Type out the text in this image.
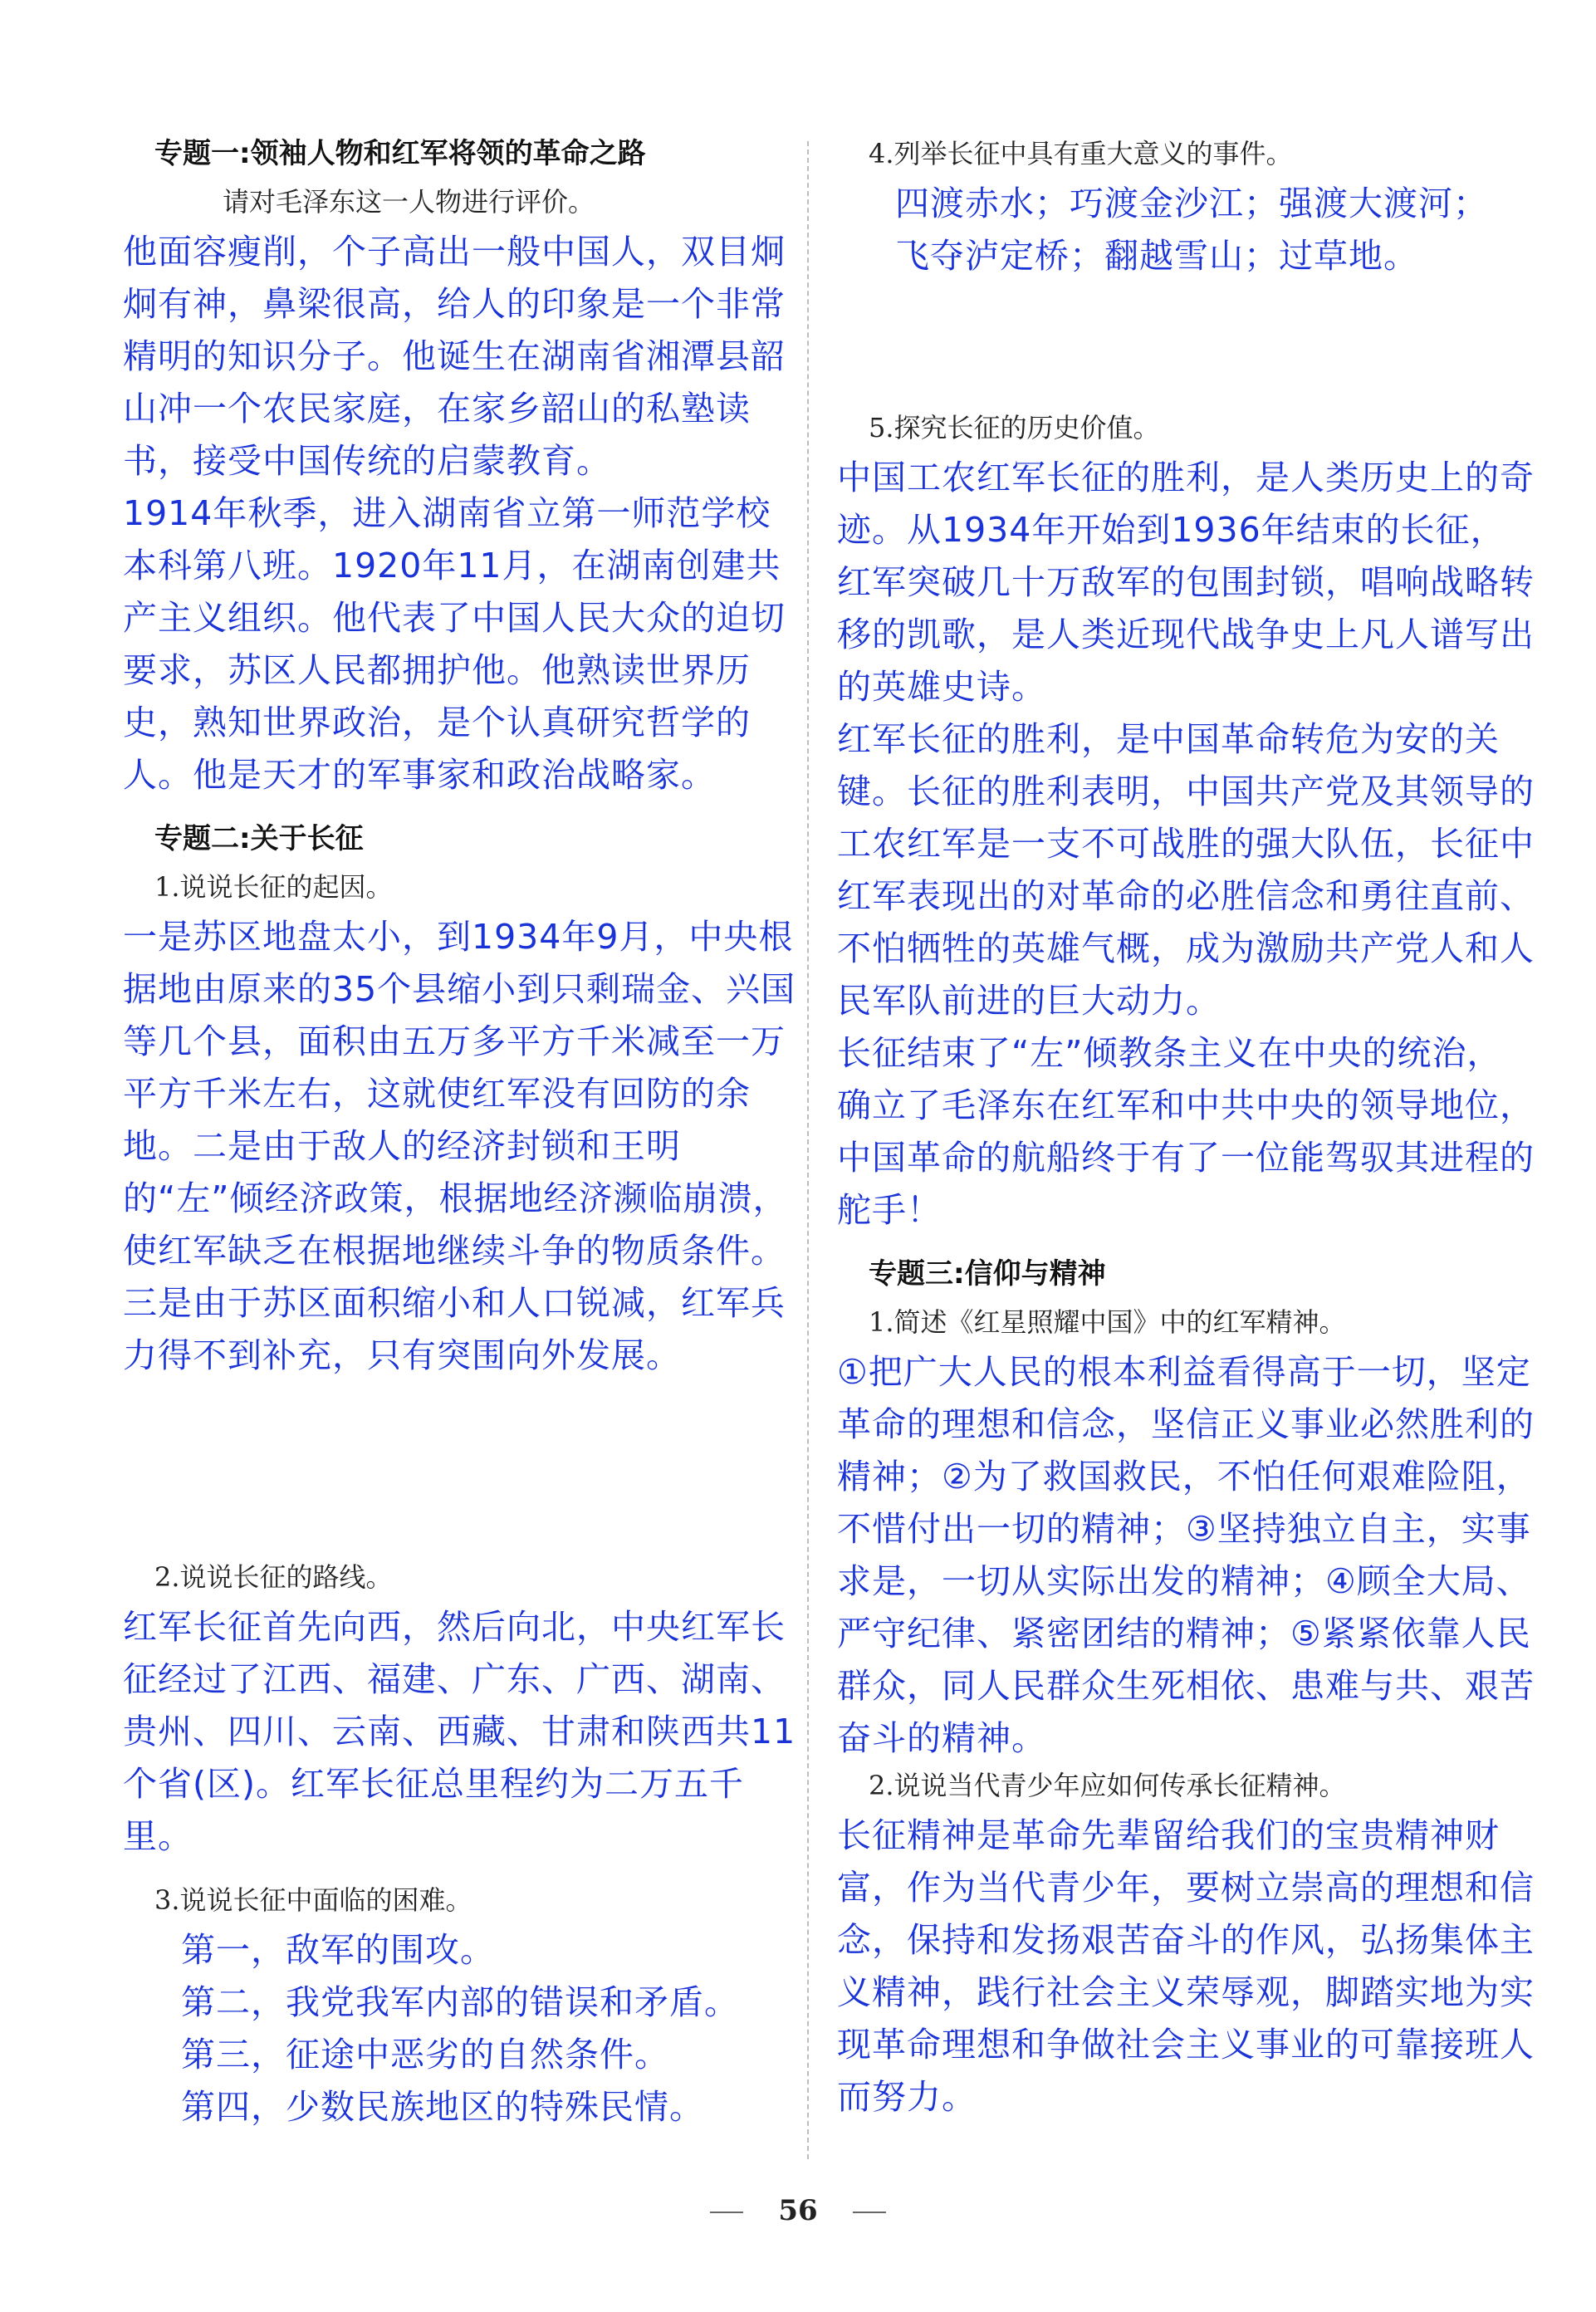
专题一:领袖人物和红军将领的革命之路
请对毛泽东这一人物进行评价。

他面容瘦削，个子高出一般中国人，双目炯炯有神，鼻梁很高，给人的印象是一个非常精明的知识分子。他诞生在湖南省湘潭县韶山冲一个农民家庭，在家乡韶山的私塾读书，接受中国传统的启蒙教育。

1914年秋季，进入湖南省立第一师范学校本科第八班。1920年11月，在湖南创建共产主义组织。他代表了中国人民大众的迫切要求，苏区人民都拥护他。他熟读世界历史，熟知世界政治，是个认真研究哲学的人。他是天才的军事家和政治战略家。

专题二:关于长征
1.说说长征的起因。

一是苏区地盘太小，到1934年9月，中央根据地由原来的35个县缩小到只剩瑞金、兴国等几个县，面积由五万多平方千米减至一万平方千米左右，这就使红军没有回防的余地。二是由于敌人的经济封锁和王明的“左”倾经济政策，根据地经济濒临崩溃，使红军缺乏在根据地继续斗争的物质条件。三是由于苏区面积缩小和人口锐减，红军兵力得不到补充，只有突围向外发展。

2.说说长征的路线。

红军长征首先向西，然后向北，中央红军长征经过了江西、福建、广东、广西、湖南、贵州、四川、云南、西藏、甘肃和陕西共11个省(区)。红军长征总里程约为二万五千里。

3.说说长征中面临的困难。

第一，敌军的围攻。

第二，我党我军内部的错误和矛盾。

第三，征途中恶劣的自然条件。

第四，少数民族地区的特殊民情。

4.列举长征中具有重大意义的事件。

四渡赤水；巧渡金沙江；强渡大渡河；

飞夺泸定桥；翻越雪山；过草地。

5.探究长征的历史价值。

中国工农红军长征的胜利，是人类历史上的奇迹。从1934年开始到1936年结束的长征，红军突破几十万敌军的包围封锁，唱响战略转移的凯歌，是人类近现代战争史上凡人谱写出的英雄史诗。

红军长征的胜利，是中国革命转危为安的关键。长征的胜利表明，中国共产党及其领导的工农红军是一支不可战胜的强大队伍，长征中红军表现出的对革命的必胜信念和勇往直前、不怕牺牲的英雄气概，成为激励共产党人和人民军队前进的巨大动力。

长征结束了“左”倾教条主义在中央的统治，确立了毛泽东在红军和中共中央的领导地位，中国革命的航船终于有了一位能驾驭其进程的舵手！

专题三:信仰与精神
1.简述《红星照耀中国》中的红军精神。

①把广大人民的根本利益看得高于一切，坚定革命的理想和信念，坚信正义事业必然胜利的精神；②为了救国救民，不怕任何艰难险阻，不惜付出一切的精神；③坚持独立自主，实事求是，一切从实际出发的精神；④顾全大局、严守纪律、紧密团结的精神；⑤紧紧依靠人民群众，同人民群众生死相依、患难与共、艰苦奋斗的精神。

2.说说当代青少年应如何传承长征精神。

长征精神是革命先辈留给我们的宝贵精神财富，作为当代青少年，要树立崇高的理想和信念，保持和发扬艰苦奋斗的作风，弘扬集体主义精神，践行社会主义荣辱观，脚踏实地为实现革命理想和争做社会主义事业的可靠接班人而努力。

56
